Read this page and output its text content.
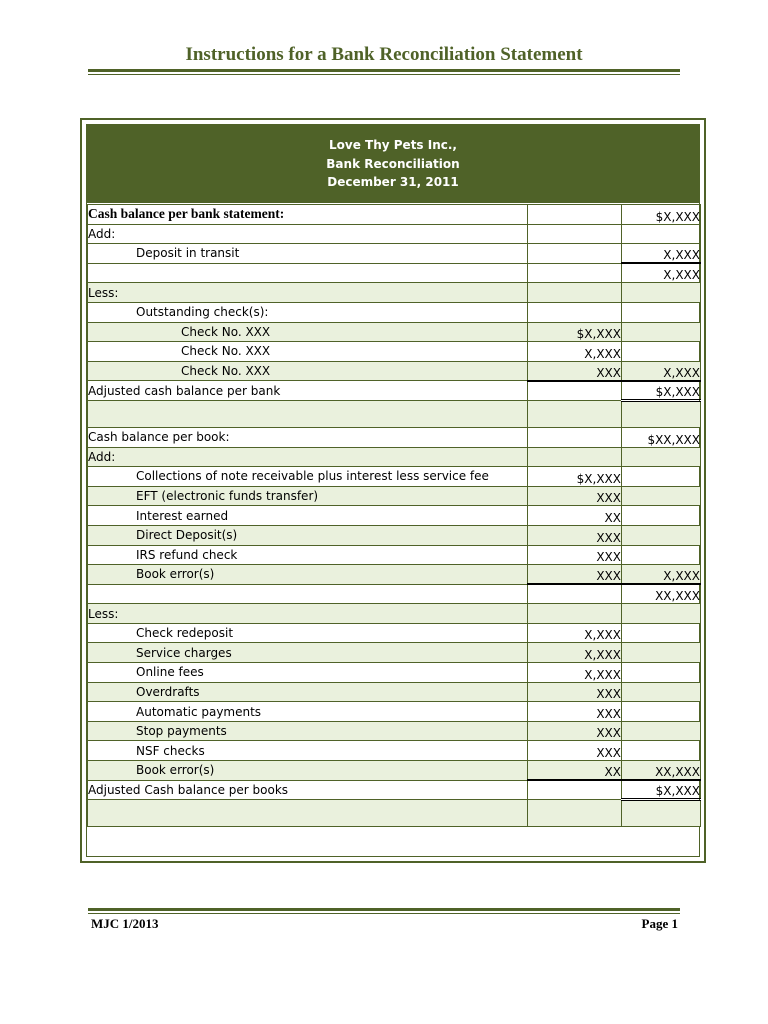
Instructions for a Bank Reconciliation Statement
Love Thy Pets Inc.,
Bank Reconciliation
December 31, 2011
Cash balance per bank statement:		$X,XXX
Add:		
Deposit in transit		X,XXX
		X,XXX
Less:		
Outstanding check(s):		
Check No. XXX	$X,XXX	
Check No. XXX	X,XXX	
Check No. XXX	XXX	X,XXX
Adjusted cash balance per bank		$X,XXX

Cash balance per book:		$XX,XXX
Add:		
Collections of note receivable plus interest less service fee	$X,XXX	
EFT (electronic funds transfer)	XXX	
Interest earned	XX	
Direct Deposit(s)	XXX	
IRS refund check	XXX	
Book error(s)	XXX	X,XXX
		XX,XXX
Less:		
Check redeposit	X,XXX	
Service charges	X,XXX	
Online fees	X,XXX	
Overdrafts	XXX	
Automatic payments	XXX	
Stop payments	XXX	
NSF checks	XXX	
Book error(s)	XX	XX,XXX
Adjusted Cash balance per books		$X,XXX

MJC 1/2013	Page 1
